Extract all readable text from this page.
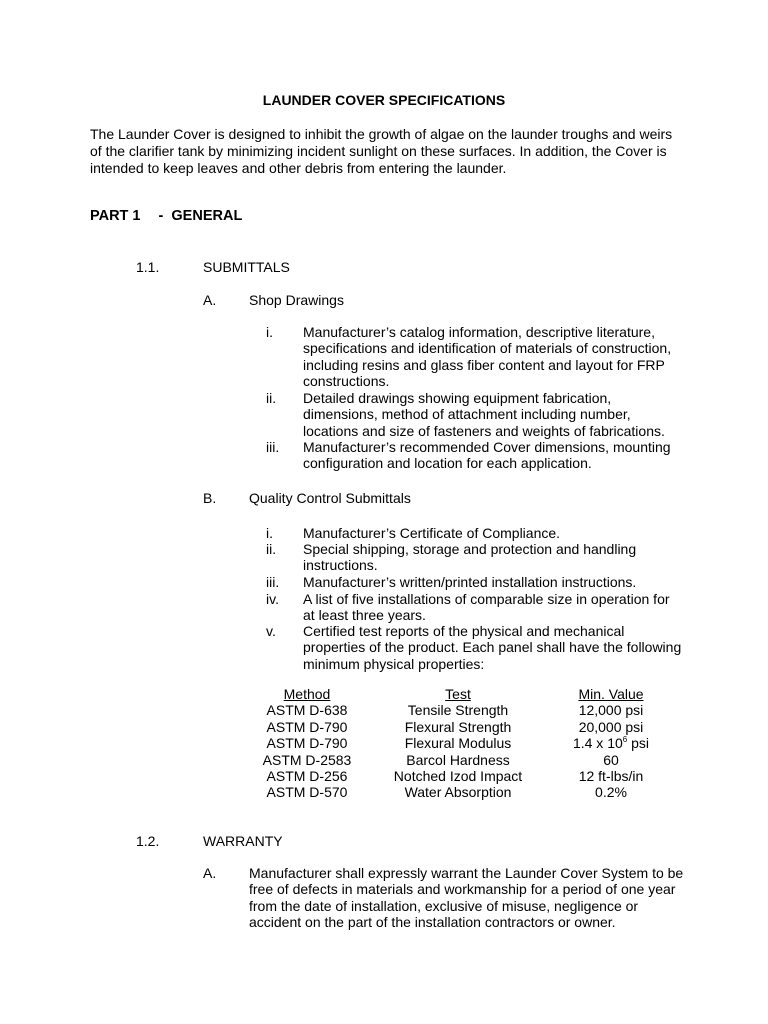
LAUNDER COVER SPECIFICATIONS
The Launder Cover is designed to inhibit the growth of algae on the launder troughs and weirs
of the clarifier tank by minimizing incident sunlight on these surfaces. In addition, the Cover is
intended to keep leaves and other debris from entering the launder.
PART 1 - GENERAL
1.1.	SUBMITTALS
A. Shop Drawings
i. Manufacturer’s catalog information, descriptive literature,
specifications and identification of materials of construction,
including resins and glass fiber content and layout for FRP
constructions.
ii. Detailed drawings showing equipment fabrication,
dimensions, method of attachment including number,
locations and size of fasteners and weights of fabrications.
iii. Manufacturer’s recommended Cover dimensions, mounting
configuration and location for each application.
B. Quality Control Submittals
i. Manufacturer’s Certificate of Compliance.
ii. Special shipping, storage and protection and handling
instructions.
iii. Manufacturer’s written/printed installation instructions.
iv. A list of five installations of comparable size in operation for
at least three years.
v. Certified test reports of the physical and mechanical
properties of the product. Each panel shall have the following
minimum physical properties:
Method
ASTM D-638
ASTM D-790
ASTM D-790
ASTM D-2583
ASTM D-256
ASTM D-570
Test
Tensile Strength
Flexural Strength
Flexural Modulus
Barcol Hardness
Notched Izod Impact
Water Absorption
Min. Value
12,000 psi
20,000 psi
1.4 x $10^6$ psi
60
12 ft-lbs/in
0.2%
1.2.	WARRANTY
A. Manufacturer shall expressly warrant the Launder Cover System to be
free of defects in materials and workmanship for a period of one year
from the date of installation, exclusive of misuse, negligence or
accident on the part of the installation contractors or owner.
